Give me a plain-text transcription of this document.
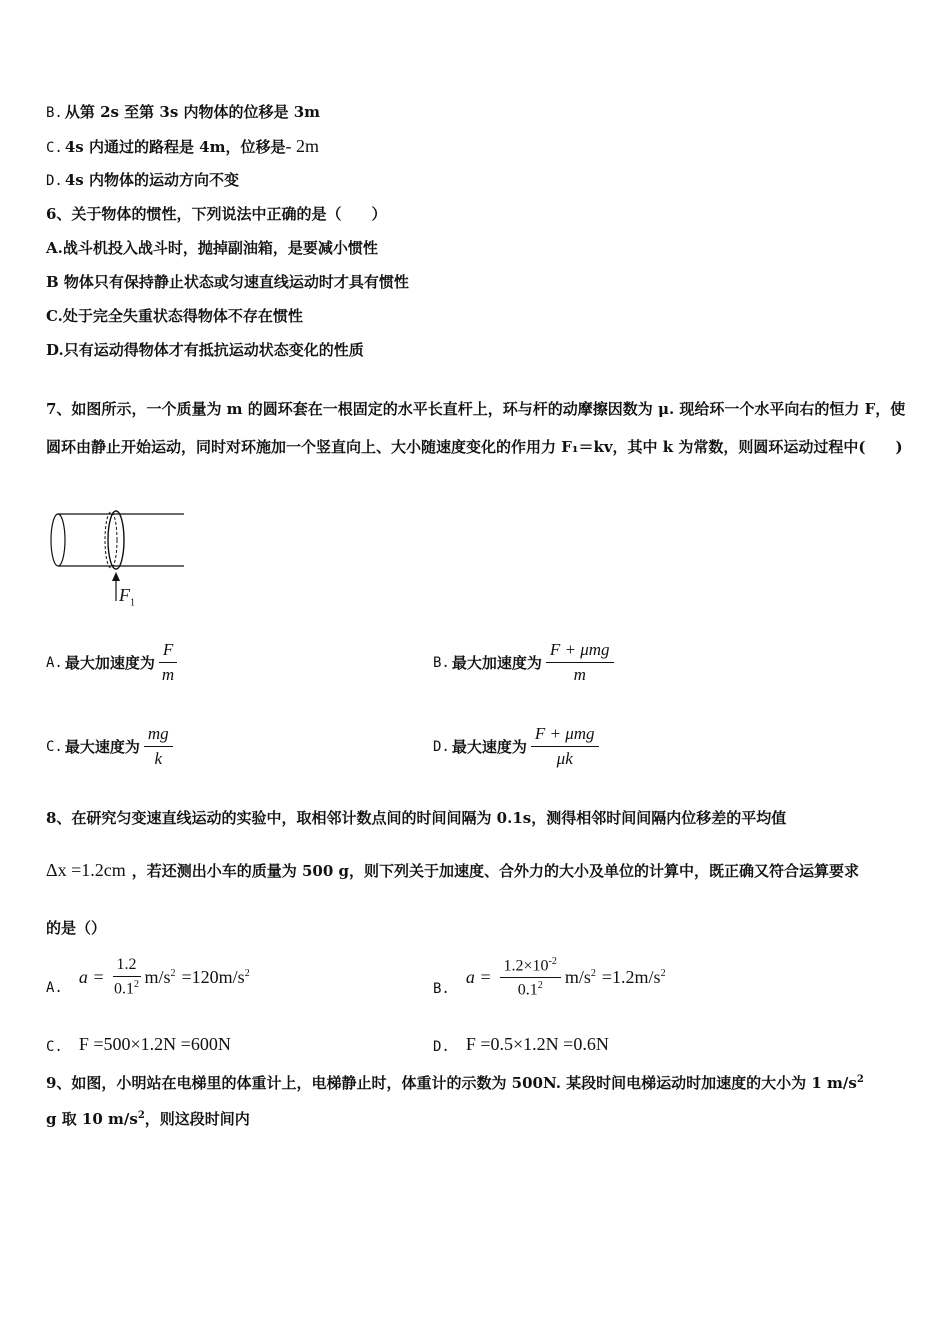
B. 从第 2s 至第 3s 内物体的位移是 3m
C. 4s 内通过的路程是 4m，位移是- 2m
D. 4s 内物体的运动方向不变
6、关于物体的惯性，下列说法中正确的是（　　）
A.战斗机投入战斗时，抛掉副油箱，是要减小惯性
B 物体只有保持静止状态或匀速直线运动时才具有惯性
C.处于完全失重状态得物体不存在惯性
D.只有运动得物体才有抵抗运动状态变化的性质
7、如图所示，一个质量为 m 的圆环套在一根固定的水平长直杆上，环与杆的动摩擦因数为 μ. 现给环一个水平向右的恒力 F，使圆环由静止开始运动，同时对环施加一个竖直向上、大小随速度变化的作用力 F₁＝kv，其中 k 为常数，则圆环运动过程中(　　)
$F_1$
A. 最大加速度为 $\frac{F}{m}$	B. 最大加速度为 $\frac{\text{F + μmg}}{m}$
C. 最大速度为 $\frac{mg}{k}$	D. 最大速度为 $\frac{\text{F + μmg}}{\mu k}$
8、在研究匀变速直线运动的实验中，取相邻计数点间的时间间隔为 0.1s，测得相邻时间间隔内位移差的平均值
Δx =1.2cm ，若还测出小车的质量为 500 g，则下列关于加速度、合外力的大小及单位的计算中，既正确又符合运算要求
的是（）
A.
$a = \frac{1.2}{0.1^2} m/s^2 =120m/s^2$
B.
$a = \frac{1.2\times 10^{-2}}{0.1^2} m/s^2 =1.2m/s^2$
C. F =500×1.2N =600N	D. F =0.5×1.2N =0.6N
9、如图，小明站在电梯里的体重计上，电梯静止时，体重计的示数为 500N. 某段时间电梯运动时加速度的大小为 1 $m/s^2$
g 取 10 $m/s^2$，则这段时间内
